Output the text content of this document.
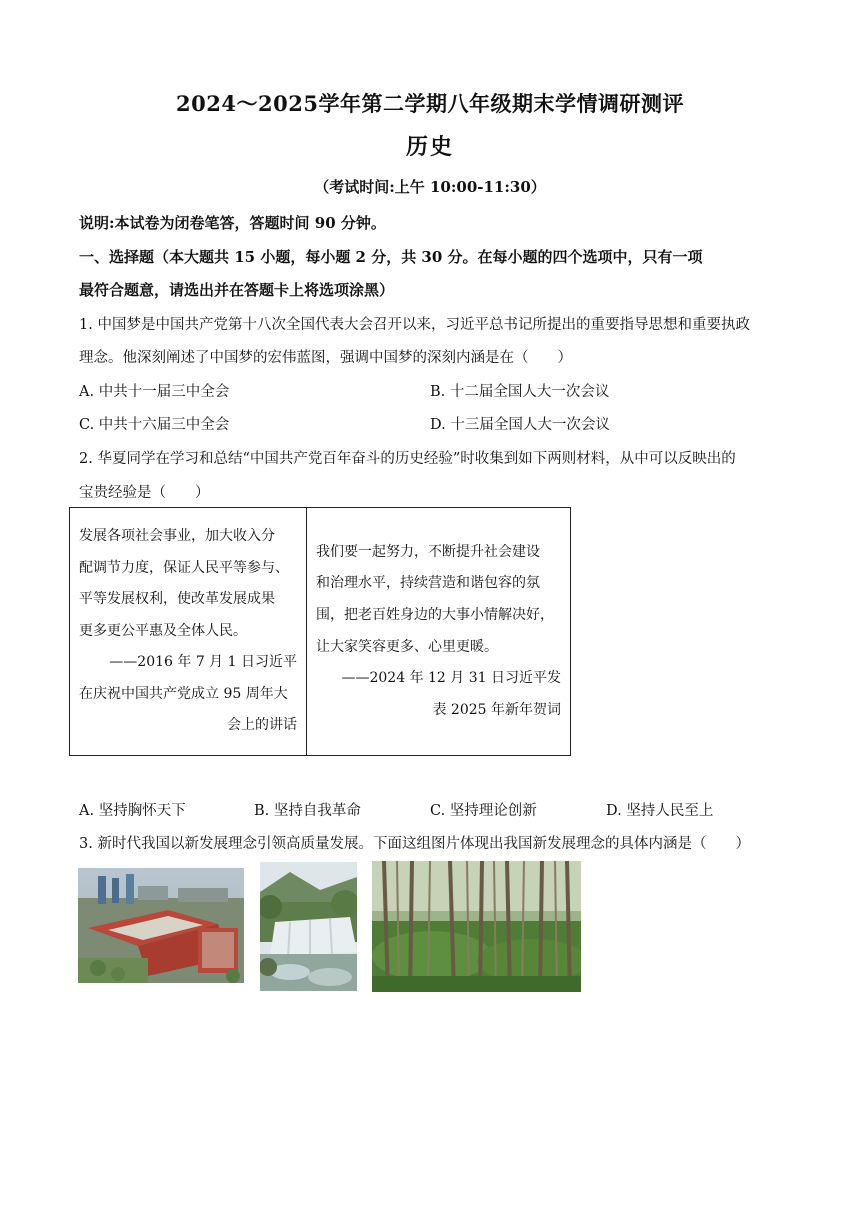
2024～2025学年第二学期八年级期末学情调研测评
历史
（考试时间:上午 10:00-11:30）
说明:本试卷为闭卷笔答，答题时间 90 分钟。
一、选择题（本大题共 15 小题，每小题 2 分，共 30 分。在每小题的四个选项中，只有一项
最符合题意，请选出并在答题卡上将选项涂黑）
1. 中国梦是中国共产党第十八次全国代表大会召开以来，习近平总书记所提出的重要指导思想和重要执政
理念。他深刻阐述了中国梦的宏伟蓝图，强调中国梦的深刻内涵是在（　　）
A. 中共十一届三中全会	B. 十二届全国人大一次会议
C. 中共十六届三中全会	D. 十三届全国人大一次会议
2. 华夏同学在学习和总结“中国共产党百年奋斗的历史经验”时收集到如下两则材料，从中可以反映出的
宝贵经验是（　　）
发展各项社会事业，加大收入分
配调节力度，保证人民平等参与、
平等发展权利，使改革发展成果
更多更公平惠及全体人民。
——2016 年 7 月 1 日习近平
在庆祝中国共产党成立 95 周年大
会上的讲话

我们要一起努力，不断提升社会建设
和治理水平，持续营造和谐包容的氛
围，把老百姓身边的大事小情解决好，
让大家笑容更多、心里更暖。
——2024 年 12 月 31 日习近平发
表 2025 年新年贺词
A. 坚持胸怀天下	B. 坚持自我革命	C. 坚持理论创新	D. 坚持人民至上
3. 新时代我国以新发展理念引领高质量发展。下面这组图片体现出我国新发展理念的具体内涵是（　　）
